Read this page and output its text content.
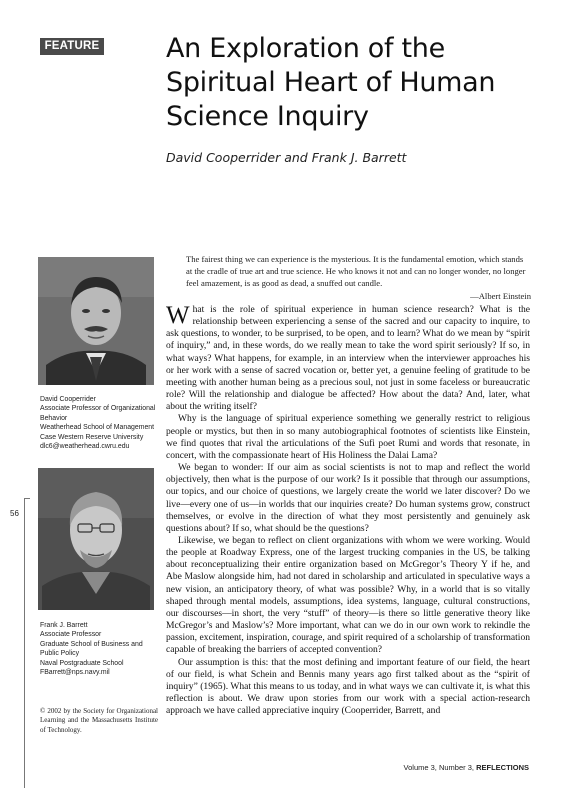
FEATURE An Exploration of the
Spiritual Heart of Human
Science Inquiry
David Cooperrider and Frank J. Barrett

The fairest thing we can experience is the mysterious. It is the fundamental emotion, which stands at the cradle of true art and true science. He who knows it not and can no longer wonder, no longer feel amazement, is as good as dead, a snuffed out candle.

—Albert Einstein

David Cooperrider
Associate Professor of Organizational
Behavior
Weatherhead School of Management
Case Western Reserve University
dlc6@weatherhead.cwru.edu
56
Frank J. Barrett
Associate Professor
Graduate School of Business and
Public Policy
Naval Postgraduate School
FBarrett@nps.navy.mil
© 2002 by the Society for Organizational Learning and the Massachusetts Institute of Technology.

What is the role of spiritual experience in human science research? What is the relationship between experiencing a sense of the sacred and our capacity to inquire, to ask questions, to wonder, to be surprised, to be open, and to learn? What do we mean by “spirit of inquiry,” and, in these words, do we really mean to take the word spirit seriously? If so, in what ways? What happens, for example, in an interview when the interviewer approaches his or her work with a sense of sacred vocation or, better yet, a genuine feeling of gratitude to be meeting with another human being as a precious soul, not just in some faceless or bureaucratic role? Will the relationship and dialogue be affected? How about the data? And, later, what about the writing itself?

Why is the language of spiritual experience something we generally restrict to religious people or mystics, but then in so many autobiographical footnotes of scientists like Einstein, we find quotes that rival the articulations of the Sufi poet Rumi and words that resonate, in concert, with the compassionate heart of His Holiness the Dalai Lama?

We began to wonder: If our aim as social scientists is not to map and reflect the world objectively, then what is the purpose of our work? Is it possible that through our assumptions, our topics, and our choice of questions, we largely create the world we later discover? Do we live—every one of us—in worlds that our inquiries create? Do human systems grow, construct themselves, or evolve in the direction of what they most persistently and genuinely ask questions about? If so, what should be the questions?

Likewise, we began to reflect on client organizations with whom we were working. Would the people at Roadway Express, one of the largest trucking companies in the US, be talking about reconceptualizing their entire organization based on McGregor’s Theory Y if he, and Abe Maslow alongside him, had not dared in scholarship and articulated in speculative ways a new vision, an anticipatory theory, of what was possible? Why, in a world that is so vitally shaped through mental models, assumptions, idea systems, language, cultural constructions, our discourses—in short, the very “stuff” of theory—is there so little generative theory like McGregor’s and Maslow’s? More important, what can we do in our own work to rekindle the passion, excitement, inspiration, courage, and spirit required of a scholarship of transformation capable of breaking the barriers of accepted convention?

Our assumption is this: that the most defining and important feature of our field, the heart of our field, is what Schein and Bennis many years ago first talked about as the “spirit of inquiry” (1965). What this means to us today, and in what ways we can cultivate it, is what this reflection is about. We draw upon stories from our work with a special action-research approach we have called appreciative inquiry (Cooperrider, Barrett, and

Volume 3, Number 3, REFLECTIONS
